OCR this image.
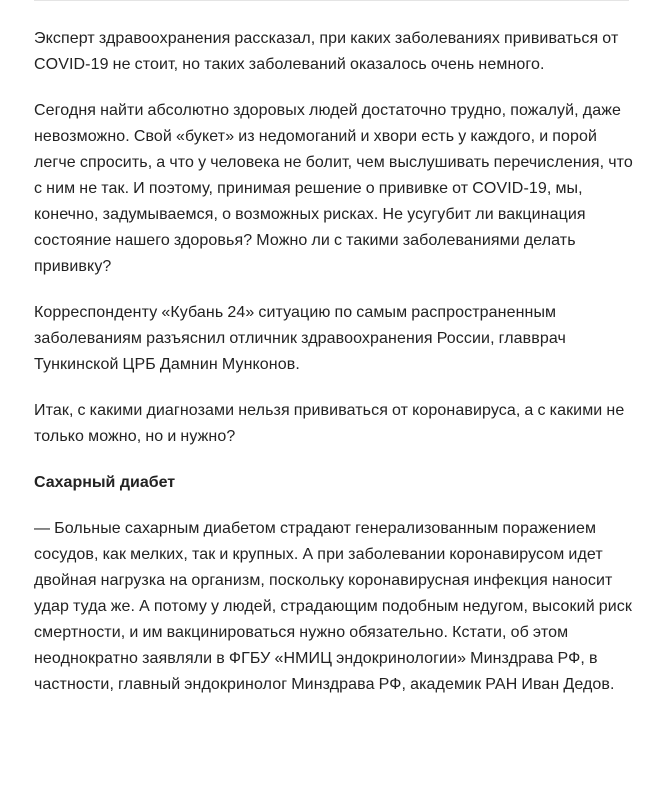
Эксперт здравоохранения рассказал, при каких заболеваниях прививаться от COVID-19 не стоит, но таких заболеваний оказалось очень немного.

Сегодня найти абсолютно здоровых людей достаточно трудно, пожалуй, даже невозможно. Свой «букет» из недомоганий и хвори есть у каждого, и порой легче спросить, а что у человека не болит, чем выслушивать перечисления, что с ним не так. И поэтому, принимая решение о прививке от COVID-19, мы, конечно, задумываемся, о возможных рисках. Не усугубит ли вакцинация состояние нашего здоровья? Можно ли с такими заболеваниями делать прививку?

Корреспонденту «Кубань 24» ситуацию по самым распространенным заболеваниям разъяснил отличник здравоохранения России, главврач Тункинской ЦРБ Дамнин Мунконов.

Итак, с какими диагнозами нельзя прививаться от коронавируса, а с какими не только можно, но и нужно?

Сахарный диабет

— Больные сахарным диабетом страдают генерализованным поражением сосудов, как мелких, так и крупных. А при заболевании коронавирусом идет двойная нагрузка на организм, поскольку коронавирусная инфекция наносит удар туда же. А потому у людей, страдающим подобным недугом, высокий риск смертности, и им вакцинироваться нужно обязательно. Кстати, об этом неоднократно заявляли в ФГБУ «НМИЦ эндокринологии» Минздрава РФ, в частности, главный эндокринолог Минздрава РФ, академик РАН Иван Дедов.
